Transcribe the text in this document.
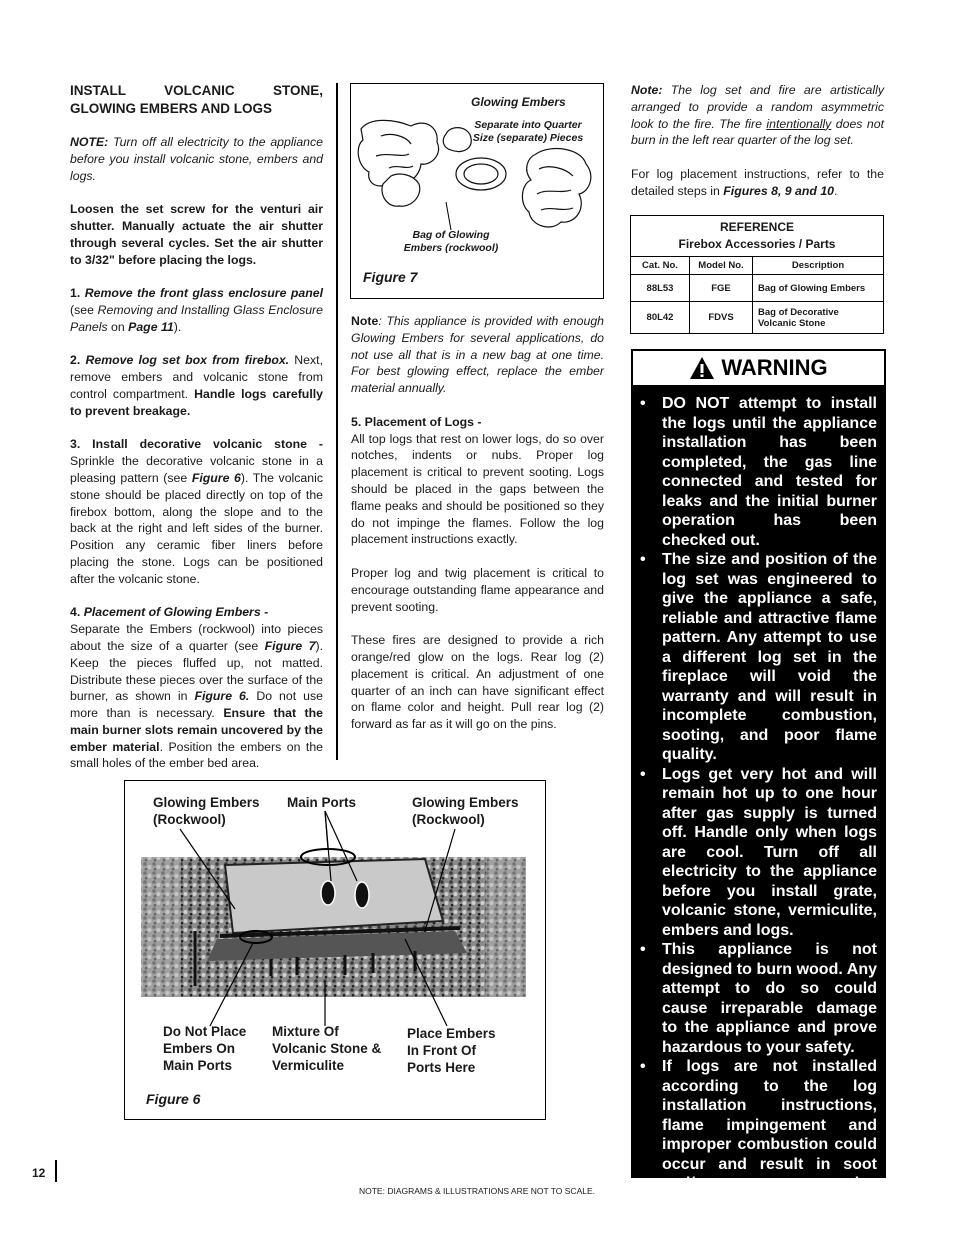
INSTALL VOLCANIC STONE, GLOWING EMBERS AND LOGS

NOTE: Turn off all electricity to the appliance before you install volcanic stone, embers and logs.

Loosen the set screw for the venturi air shutter. Manually actuate the air shutter through several cycles. Set the air shutter to 3/32" before placing the logs.

1. Remove the front glass enclosure panel (see Removing and Installing Glass Enclosure Panels on Page 11).

2. Remove log set box from firebox. Next, remove embers and volcanic stone from control compartment. Handle logs carefully to prevent breakage.

3. Install decorative volcanic stone - Sprinkle the decorative volcanic stone in a pleasing pattern (see Figure 6). The volcanic stone should be placed directly on top of the firebox bottom, along the slope and to the back at the right and left sides of the burner. Position any ceramic fiber liners before placing the stone. Logs can be positioned after the volcanic stone.

4. Placement of Glowing Embers -
Separate the Embers (rockwool) into pieces about the size of a quarter (see Figure 7). Keep the pieces fluffed up, not matted. Distribute these pieces over the surface of the burner, as shown in Figure 6. Do not use more than is necessary. Ensure that the main burner slots remain uncovered by the ember material. Position the embers on the small holes of the ember bed area.

Glowing Embers
Separate into Quarter Size (separate) Pieces
Bag of Glowing Embers (rockwool)
Figure 7

Note: This appliance is provided with enough Glowing Embers for several applications, do not use all that is in a new bag at one time. For best glowing effect, replace the ember material annually.

5. Placement of Logs -
All top logs that rest on lower logs, do so over notches, indents or nubs. Proper log placement is critical to prevent sooting. Logs should be placed in the gaps between the flame peaks and should be positioned so they do not impinge the flames. Follow the log placement instructions exactly.

Proper log and twig placement is critical to encourage outstanding flame appearance and prevent sooting.

These fires are designed to provide a rich orange/red glow on the logs. Rear log (2) placement is critical. An adjustment of one quarter of an inch can have significant effect on flame color and height. Pull rear log (2) forward as far as it will go on the pins.

Note: The log set and fire are artistically arranged to provide a random asymmetric look to the fire. The fire intentionally does not burn in the left rear quarter of the log set.

For log placement instructions, refer to the detailed steps in Figures 8, 9 and 10.

REFERENCE
Firebox Accessories / Parts		
Cat. No.	Model No.	Description
88L53	FGE	Bag of Glowing Embers
80L42	FDVS	Bag of Decorative Volcanic Stone
WARNING
• DO NOT attempt to install the logs until the appliance installation has been completed, the gas line connected and tested for leaks and the initial burner operation has been checked out.
• The size and position of the log set was engineered to give the appliance a safe, reliable and attractive flame pattern. Any attempt to use a different log set in the fireplace will void the warranty and will result in incomplete combustion, sooting, and poor flame quality.
• Logs get very hot and will remain hot up to one hour after gas supply is turned off. Handle only when logs are cool. Turn off all electricity to the appliance before you install grate, volcanic stone, vermiculite, embers and logs.
• This appliance is not designed to burn wood. Any attempt to do so could cause irreparable damage to the appliance and prove hazardous to your safety.
• If logs are not installed according to the log installation instructions, flame impingement and improper combustion could occur and result in soot and/or excessive production of carbon monoxide (CO), a colorless, odorless, toxic gas.
Glowing Embers (Rockwool)
Main Ports	Glowing Embers (Rockwool)
Do Not Place Embers On Main Ports
Mixture Of Volcanic Stone & Vermiculite
Place Embers In Front Of Ports Here
Figure 6
12
NOTE: DIAGRAMS & ILLUSTRATIONS ARE NOT TO SCALE.
